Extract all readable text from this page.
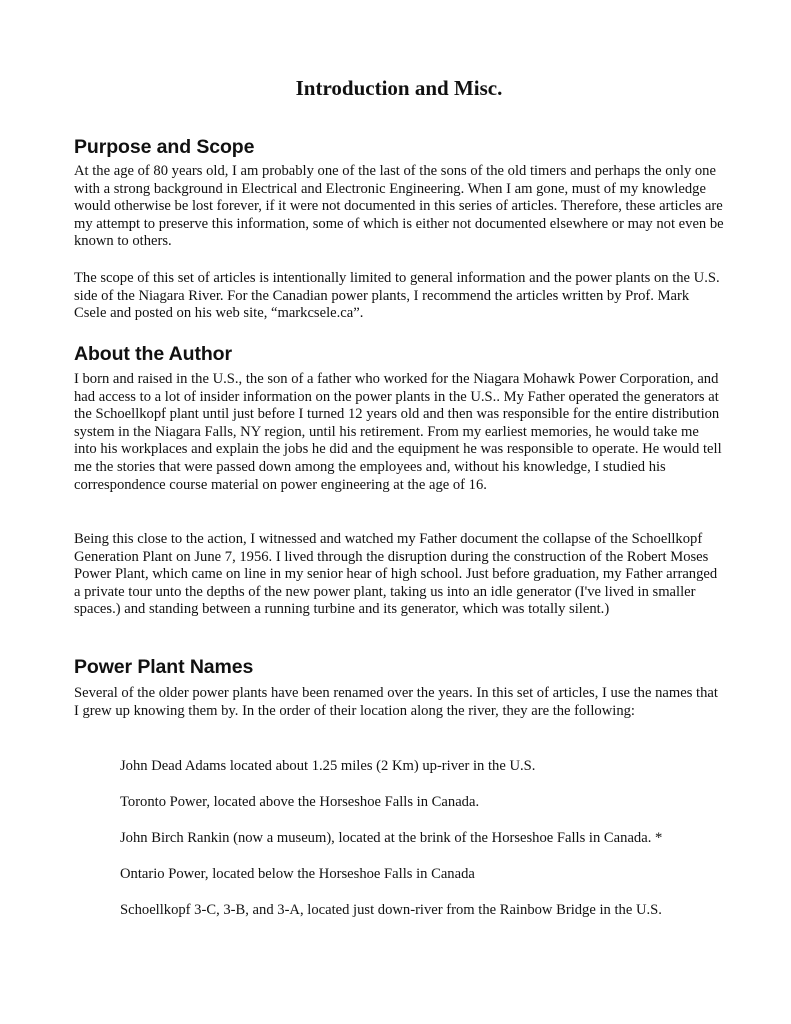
Introduction and Misc.
Purpose and Scope

At the age of 80 years old, I am probably one of the last of the sons of the old timers and perhaps the only one with a strong background in Electrical and Electronic Engineering. When I am gone, must of my knowledge would otherwise be lost forever, if it were not documented in this series of articles. Therefore, these articles are my attempt to preserve this information, some of which is either not documented elsewhere or may not even be known to others.

The scope of this set of articles is intentionally limited to general information and the power plants on the U.S. side of the Niagara River. For the Canadian power plants, I recommend the articles written by Prof. Mark Csele and posted on his web site, “markcsele.ca”.

About the Author

I born and raised in the U.S., the son of a father who worked for the Niagara Mohawk Power Corporation, and had access to a lot of insider information on the power plants in the U.S.. My Father operated the generators at the Schoellkopf plant until just before I turned 12 years old and then was responsible for the entire distribution system in the Niagara Falls, NY region, until his retirement. From my earliest memories, he would take me into his workplaces and explain the jobs he did and the equipment he was responsible to operate. He would tell me the stories that were passed down among the employees and, without his knowledge, I studied his correspondence course material on power engineering at the age of 16.

Being this close to the action, I witnessed and watched my Father document the collapse of the Schoellkopf Generation Plant on June 7, 1956. I lived through the disruption during the construction of the Robert Moses Power Plant, which came on line in my senior hear of high school. Just before graduation, my Father arranged a private tour unto the depths of the new power plant, taking us into an idle generator (I've lived in smaller spaces.) and standing between a running turbine and its generator, which was totally silent.)

Power Plant Names

Several of the older power plants have been renamed over the years. In this set of articles, I use the names that I grew up knowing them by. In the order of their location along the river, they are the following:

John Dead Adams located about 1.25 miles (2 Km) up-river in the U.S.
Toronto Power, located above the Horseshoe Falls in Canada.
John Birch Rankin (now a museum), located at the brink of the Horseshoe Falls in Canada. *
Ontario Power, located below the Horseshoe Falls in Canada
Schoellkopf 3-C, 3-B, and 3-A, located just down-river from the Rainbow Bridge in the U.S.
